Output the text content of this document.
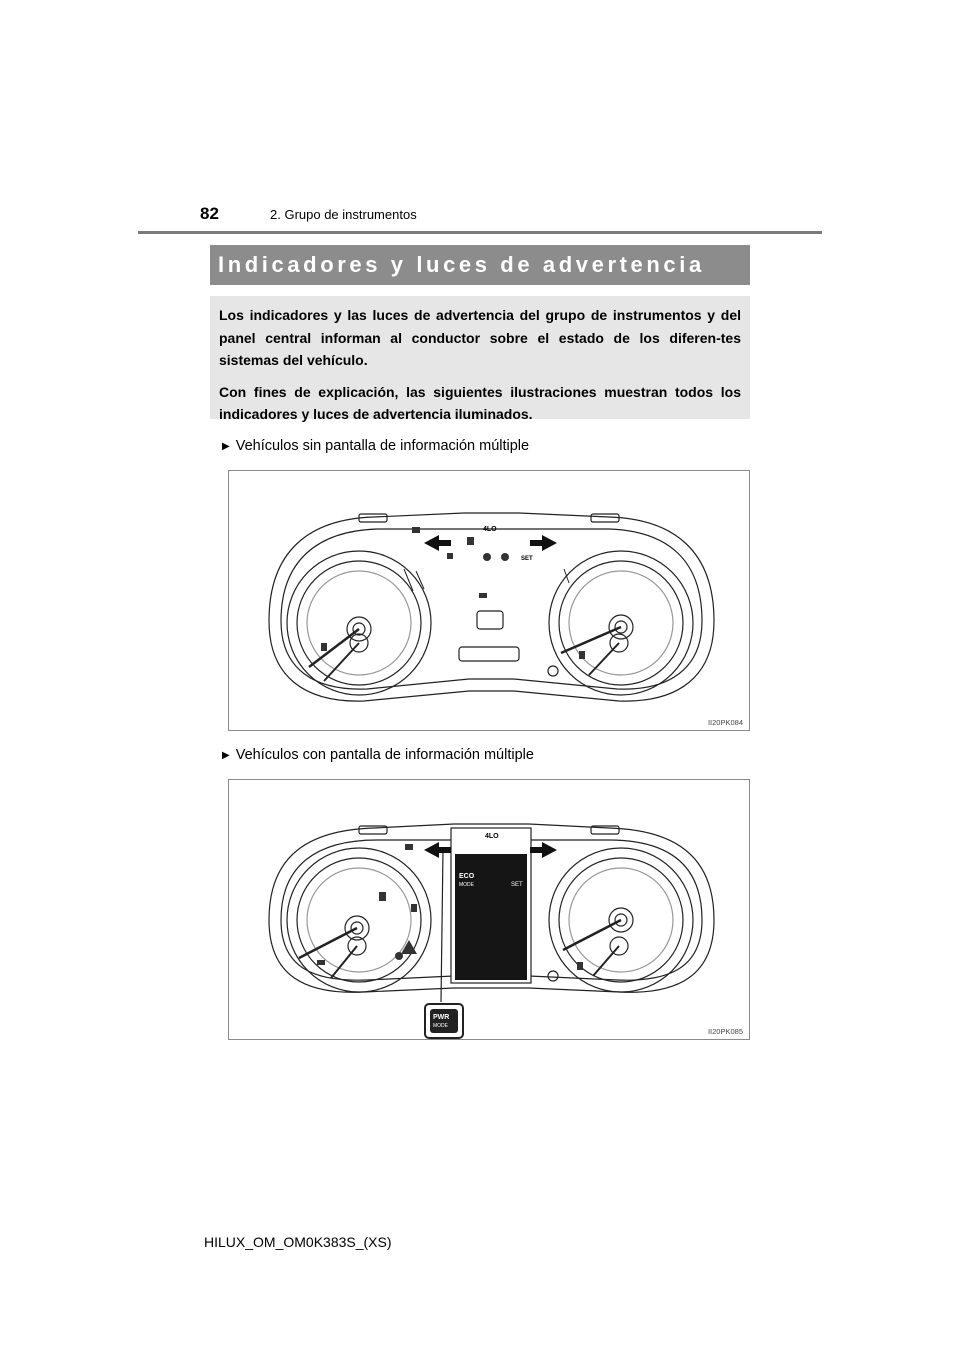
82	2. Grupo de instrumentos
Indicadores y luces de advertencia

Los indicadores y las luces de advertencia del grupo de instrumentos y del panel central informan al conductor sobre el estado de los diferen-tes sistemas del vehículo.

Con fines de explicación, las siguientes ilustraciones muestran todos los indicadores y luces de advertencia iluminados.

▶ Vehículos sin pantalla de información múltiple
4LO
SET
II20PK084
▶ Vehículos con pantalla de información múltiple
4LO
ECO
MODE	SET
PWR
MODE
II20PK085
HILUX_OM_OM0K383S_(XS)
